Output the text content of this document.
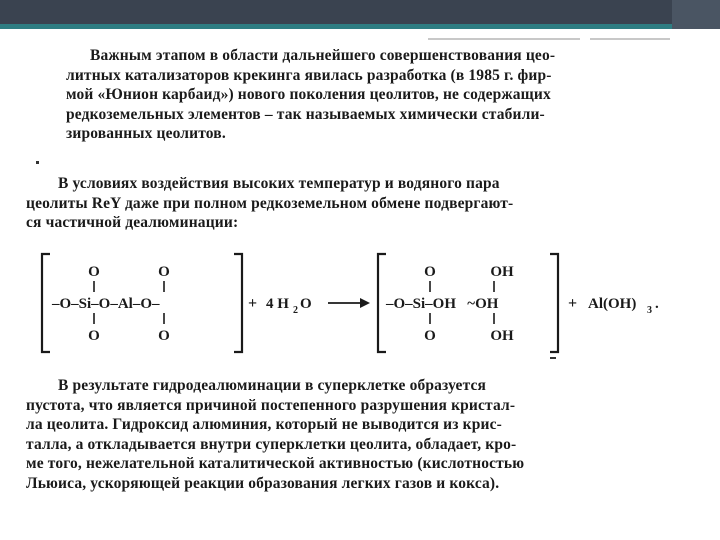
Важным этапом в области дальнейшего совершенствования цео-
литных катализаторов крекинга явилась разработка (в 1985 г. фир-
мой «Юнион карбаид») нового поколения цеолитов, не содержащих
редкоземельных элементов – так называемых химически стабили-
зированных цеолитов.
В условиях воздействия высоких температур и водяного пара
цеолиты ReY даже при полном редкоземельном обмене подвергают-
ся частичной деалюминации:
O	O
–O–Si–O–Al–O–
O	O
+ 4 H 2 O
O	OH
–O–Si–OH   ~OH
O	OH
+ Al(OH) 3 .
В результате гидродеалюминации в суперклетке образуется
пустота, что является причиной постепенного разрушения кристал-
ла цеолита. Гидроксид алюминия, который не выводится из крис-
талла, а откладывается внутри суперклетки цеолита, обладает, кро-
ме того, нежелательной каталитической активностью (кислотностью
Льюиса, ускоряющей реакции образования легких газов и кокса).
